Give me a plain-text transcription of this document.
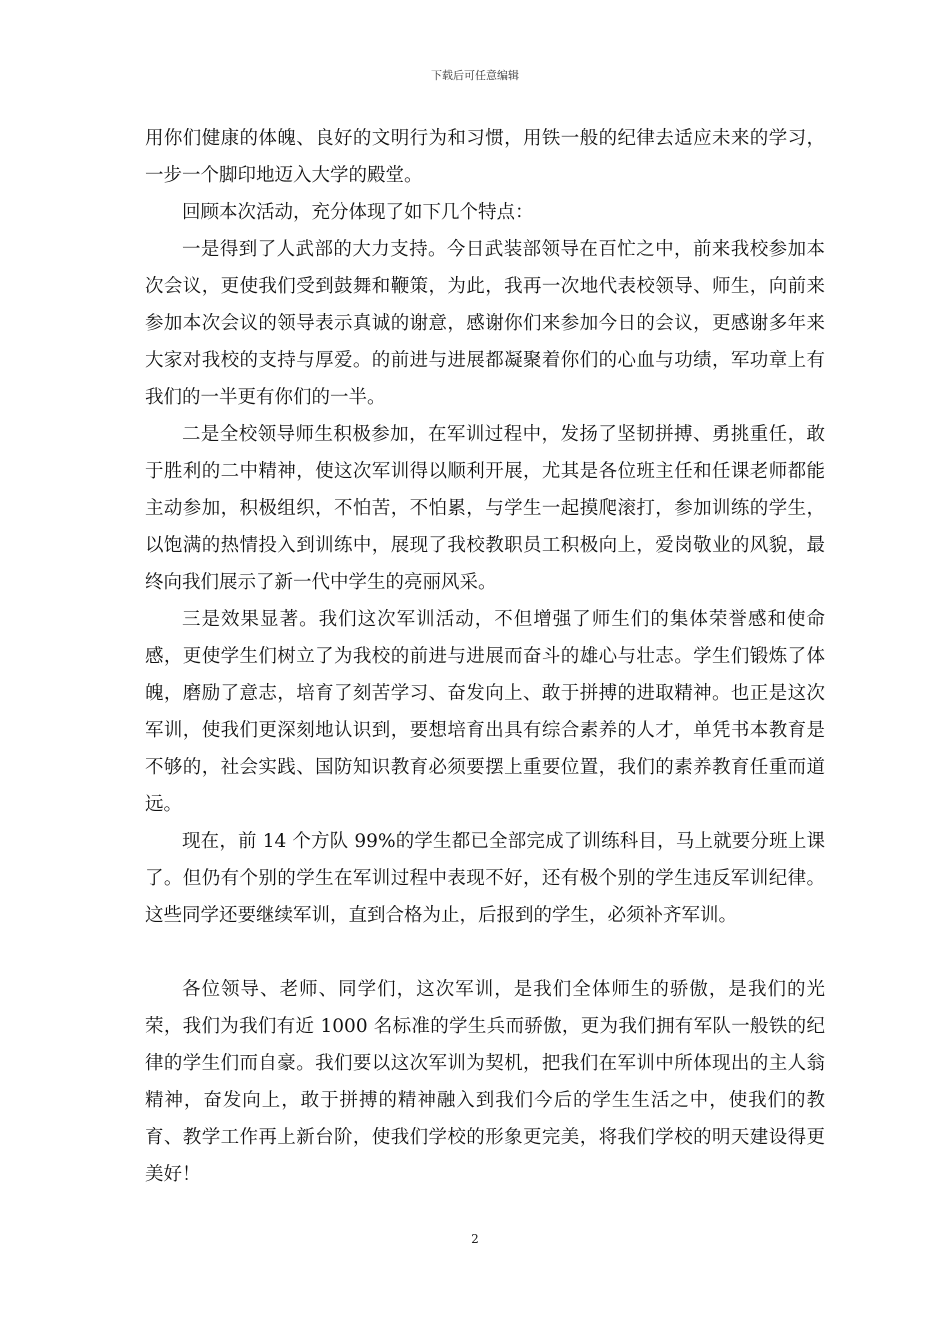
下载后可任意编辑

用你们健康的体魄、良好的文明行为和习惯，用铁一般的纪律去适应未来的学习，一步一个脚印地迈入大学的殿堂。

回顾本次活动，充分体现了如下几个特点：

一是得到了人武部的大力支持。今日武装部领导在百忙之中，前来我校参加本次会议，更使我们受到鼓舞和鞭策，为此，我再一次地代表校领导、师生，向前来参加本次会议的领导表示真诚的谢意，感谢你们来参加今日的会议，更感谢多年来大家对我校的支持与厚爱。的前进与进展都凝聚着你们的心血与功绩，军功章上有我们的一半更有你们的一半。

二是全校领导师生积极参加，在军训过程中，发扬了坚韧拼搏、勇挑重任，敢于胜利的二中精神，使这次军训得以顺利开展，尤其是各位班主任和任课老师都能主动参加，积极组织，不怕苦，不怕累，与学生一起摸爬滚打，参加训练的学生，以饱满的热情投入到训练中，展现了我校教职员工积极向上，爱岗敬业的风貌，最终向我们展示了新一代中学生的亮丽风采。

三是效果显著。我们这次军训活动，不但增强了师生们的集体荣誉感和使命感，更使学生们树立了为我校的前进与进展而奋斗的雄心与壮志。学生们锻炼了体魄，磨励了意志，培育了刻苦学习、奋发向上、敢于拼搏的进取精神。也正是这次军训，使我们更深刻地认识到，要想培育出具有综合素养的人才，单凭书本教育是不够的，社会实践、国防知识教育必须要摆上重要位置，我们的素养教育任重而道远。

现在，前 14 个方队 99%的学生都已全部完成了训练科目，马上就要分班上课了。但仍有个别的学生在军训过程中表现不好，还有极个别的学生违反军训纪律。这些同学还要继续军训，直到合格为止，后报到的学生，必须补齐军训。

各位领导、老师、同学们，这次军训，是我们全体师生的骄傲，是我们的光荣，我们为我们有近 1000 名标准的学生兵而骄傲，更为我们拥有军队一般铁的纪律的学生们而自豪。我们要以这次军训为契机，把我们在军训中所体现出的主人翁精神，奋发向上，敢于拼搏的精神融入到我们今后的学生生活之中，使我们的教育、教学工作再上新台阶，使我们学校的形象更完美，将我们学校的明天建设得更美好！

2
